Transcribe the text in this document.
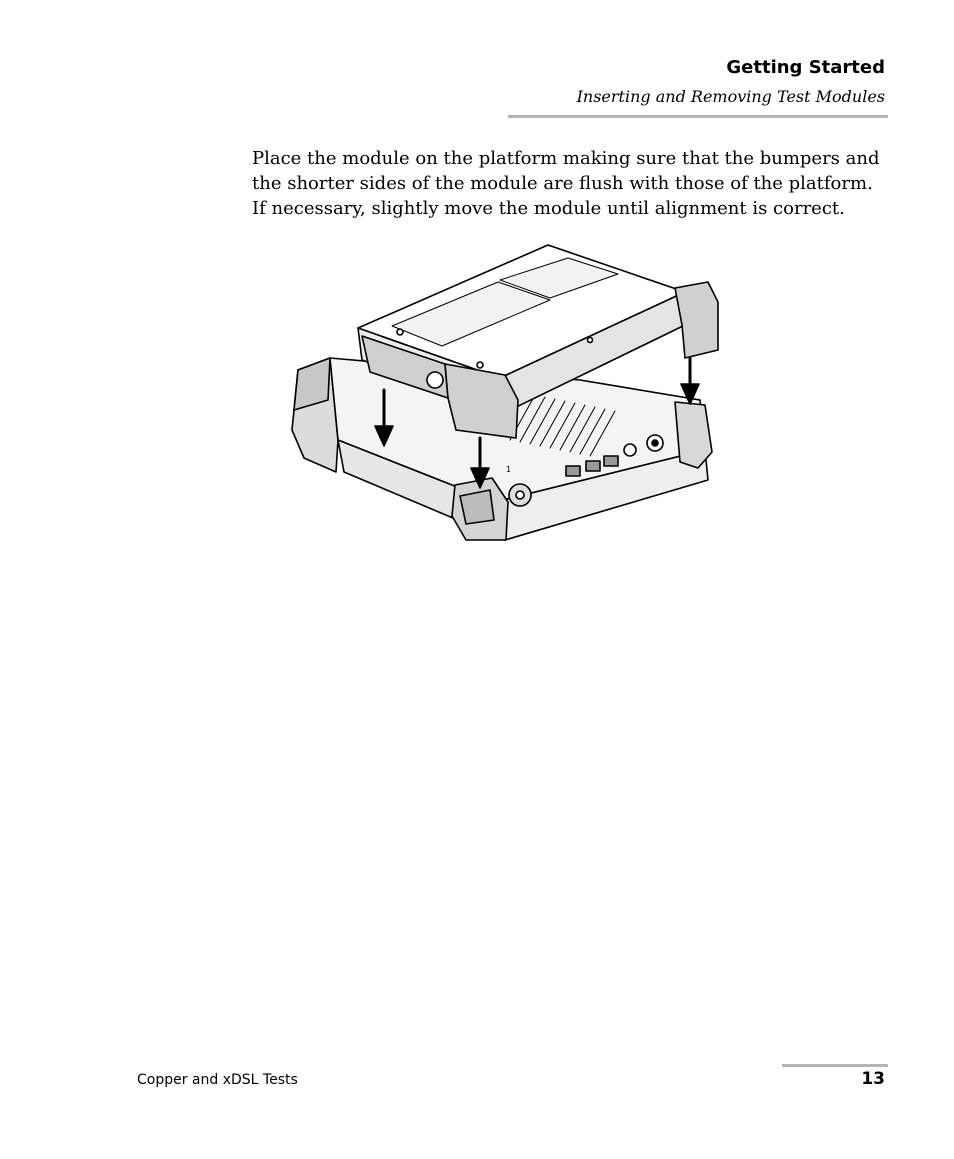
Getting Started
Inserting and Removing Test Modules

Place the module on the platform making sure that the bumpers and the shorter sides of the module are flush with those of the platform. If necessary, slightly move the module until alignment is correct.

1
Copper and xDSL Tests	13
